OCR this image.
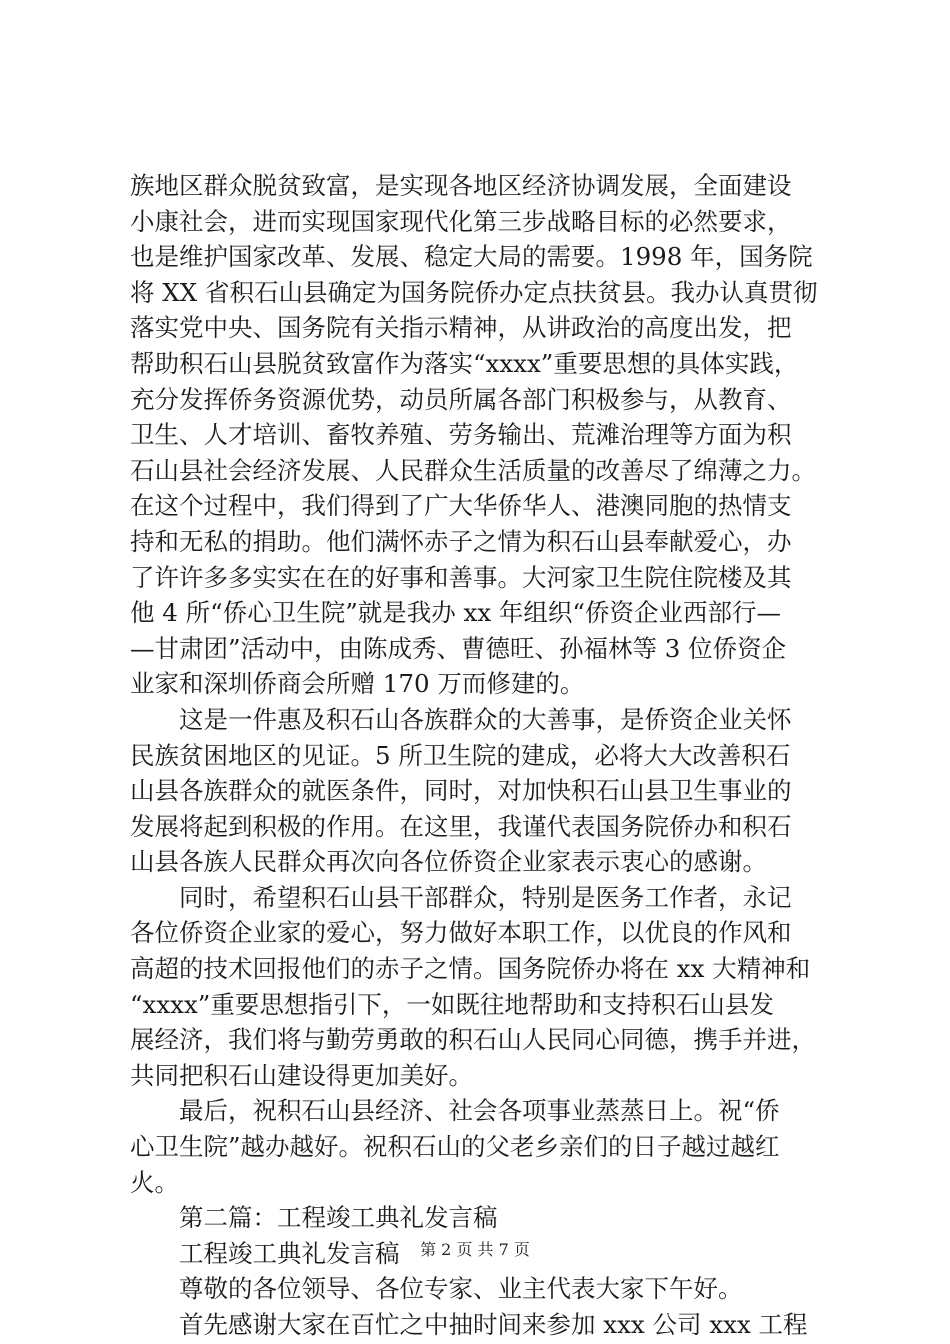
族地区群众脱贫致富，是实现各地区经济协调发展，全面建设
小康社会，进而实现国家现代化第三步战略目标的必然要求，
也是维护国家改革、发展、稳定大局的需要。1998 年，国务院
将 XX 省积石山县确定为国务院侨办定点扶贫县。我办认真贯彻
落实党中央、国务院有关指示精神，从讲政治的高度出发，把
帮助积石山县脱贫致富作为落实“xxxx”重要思想的具体实践，
充分发挥侨务资源优势，动员所属各部门积极参与，从教育、
卫生、人才培训、畜牧养殖、劳务输出、荒滩治理等方面为积
石山县社会经济发展、人民群众生活质量的改善尽了绵薄之力。
在这个过程中，我们得到了广大华侨华人、港澳同胞的热情支
持和无私的捐助。他们满怀赤子之情为积石山县奉献爱心，办
了许许多多实实在在的好事和善事。大河家卫生院住院楼及其
他 4 所“侨心卫生院”就是我办 xx 年组织“侨资企业西部行—
—甘肃团”活动中，由陈成秀、曹德旺、孙福林等 3 位侨资企
业家和深圳侨商会所赠 170 万而修建的。
　　这是一件惠及积石山各族群众的大善事，是侨资企业关怀
民族贫困地区的见证。5 所卫生院的建成，必将大大改善积石
山县各族群众的就医条件，同时，对加快积石山县卫生事业的
发展将起到积极的作用。在这里，我谨代表国务院侨办和积石
山县各族人民群众再次向各位侨资企业家表示衷心的感谢。
　　同时，希望积石山县干部群众，特别是医务工作者，永记
各位侨资企业家的爱心，努力做好本职工作，以优良的作风和
高超的技术回报他们的赤子之情。国务院侨办将在 xx 大精神和
“xxxx”重要思想指引下，一如既往地帮助和支持积石山县发
展经济，我们将与勤劳勇敢的积石山人民同心同德，携手并进，
共同把积石山建设得更加美好。
　　最后，祝积石山县经济、社会各项事业蒸蒸日上。祝“侨
心卫生院”越办越好。祝积石山的父老乡亲们的日子越过越红
火。
　　第二篇：工程竣工典礼发言稿
　　工程竣工典礼发言稿
　　尊敬的各位领导、各位专家、业主代表大家下午好。
　　首先感谢大家在百忙之中抽时间来参加 xxx 公司 xxx 工程
第 2 页 共 7 页
